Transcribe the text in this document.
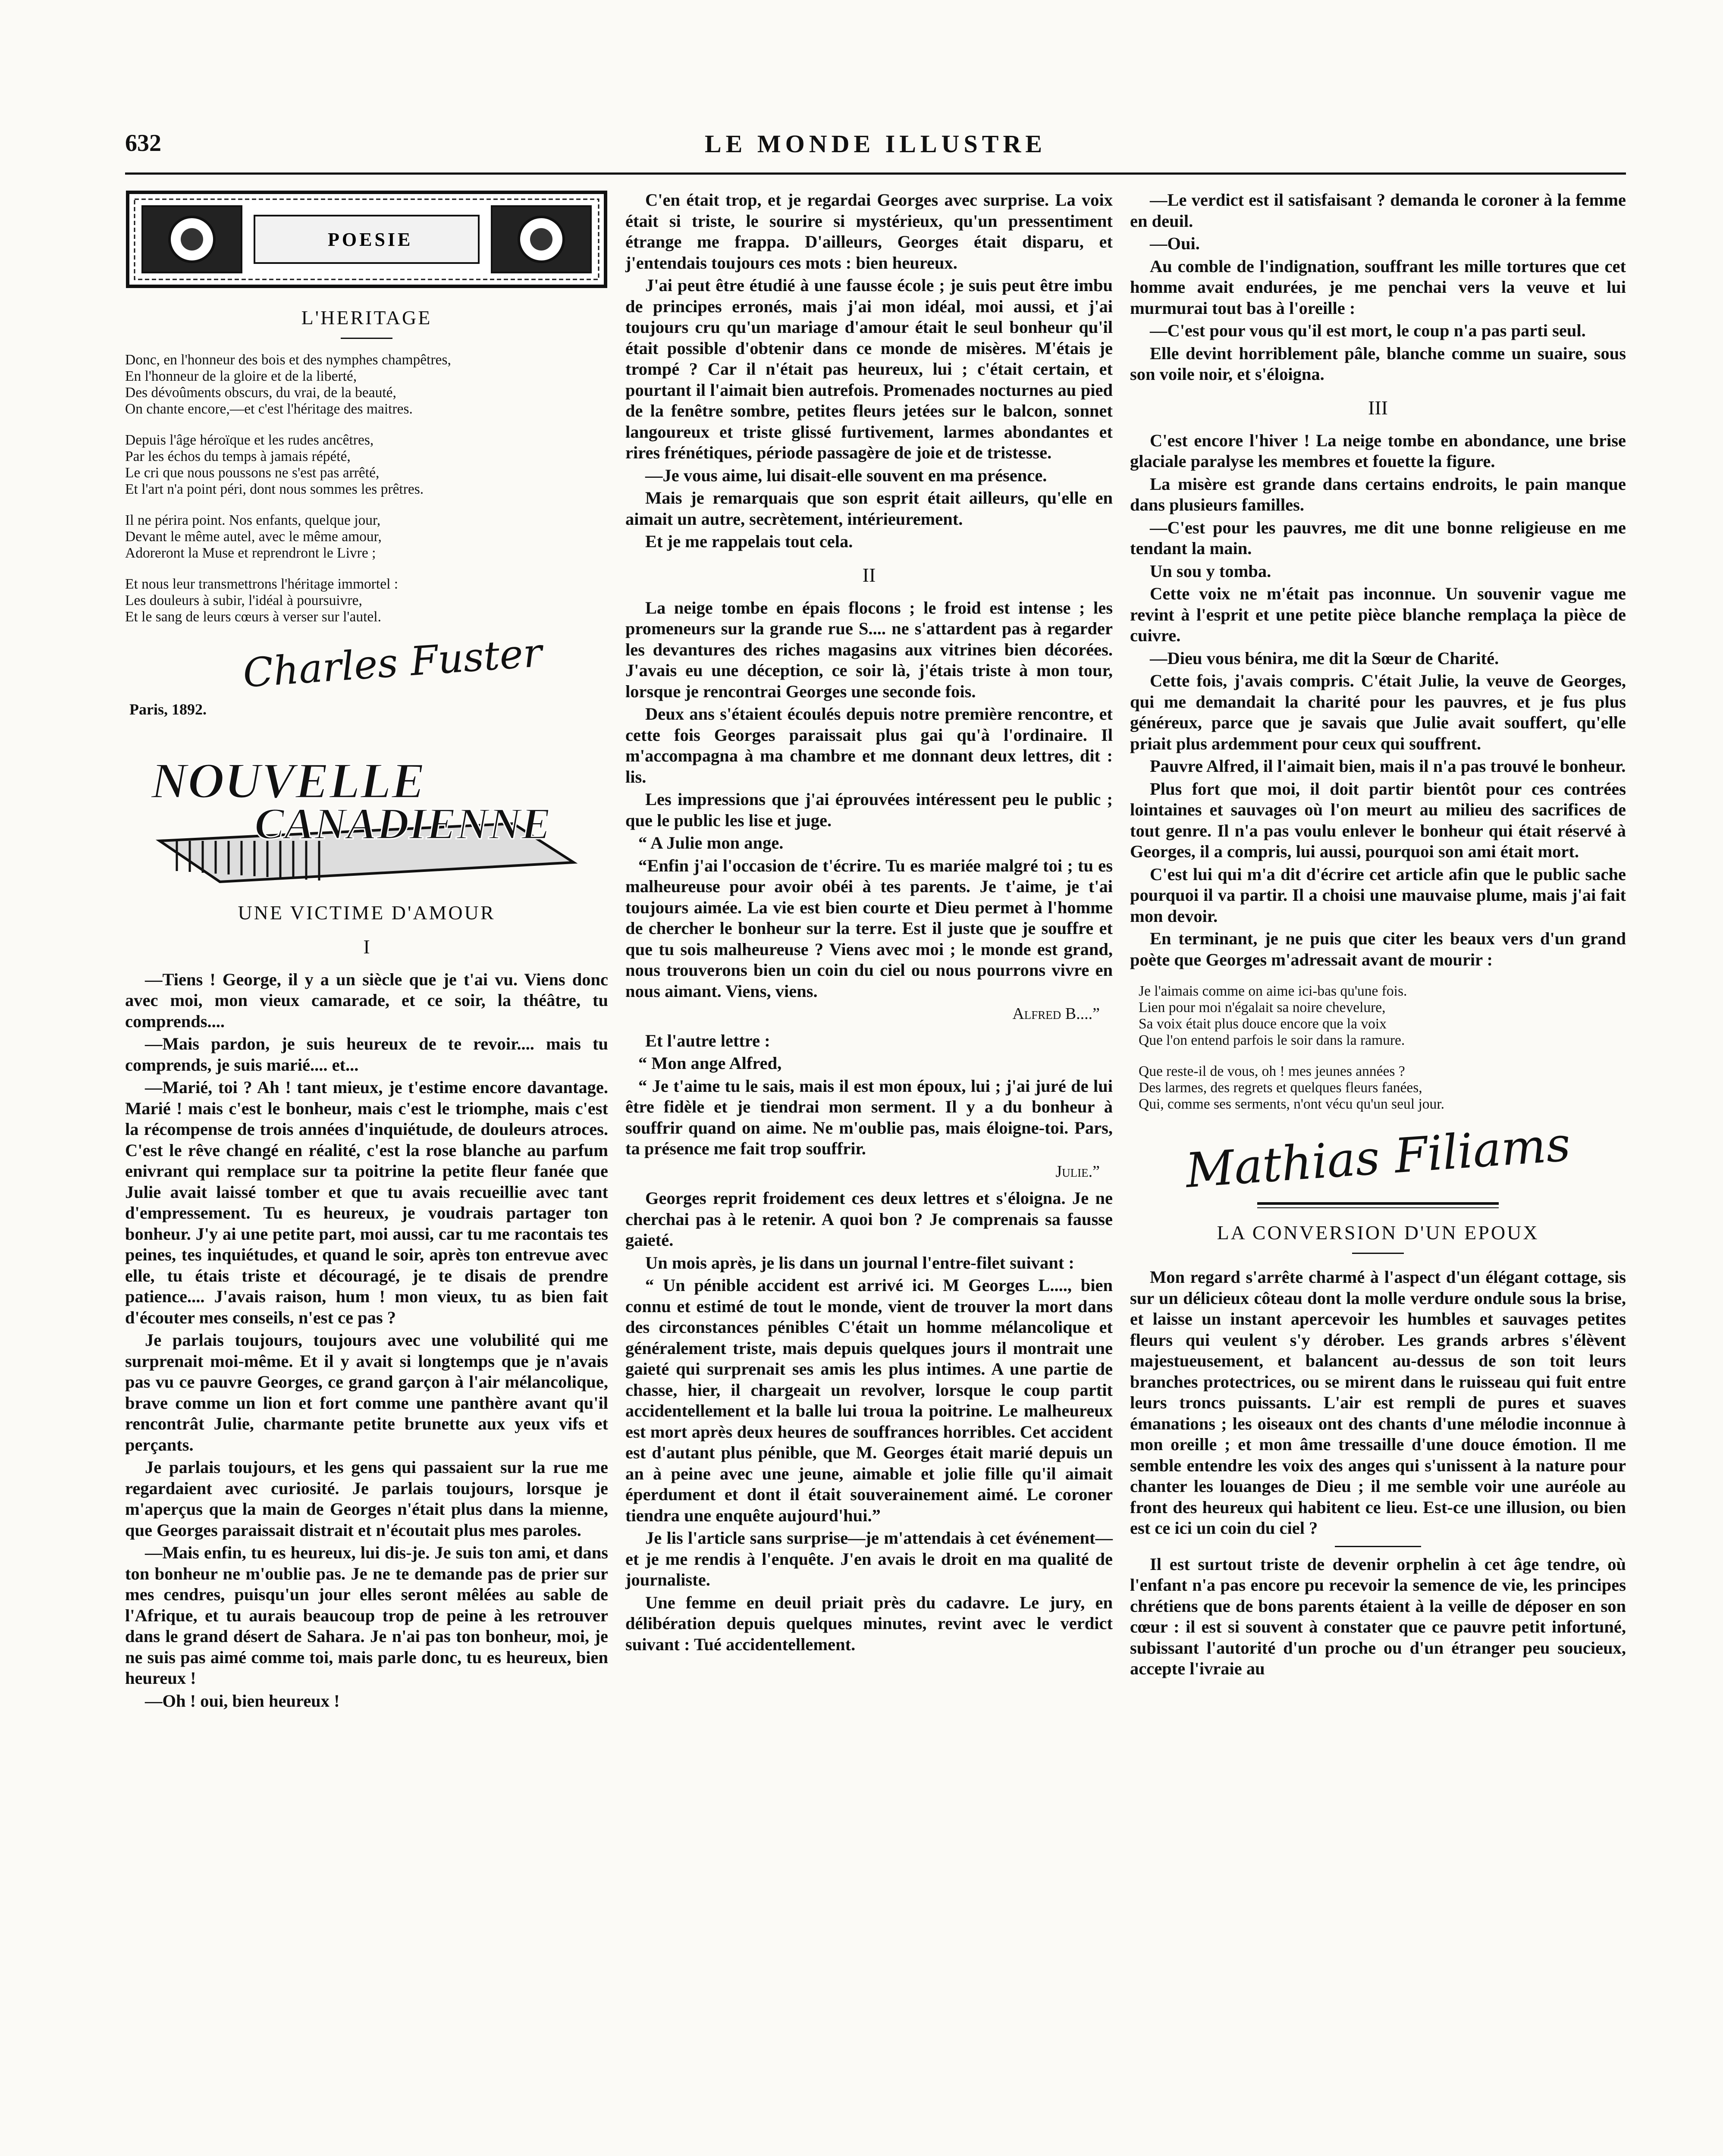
632	LE MONDE ILLUSTRE
POESIE
L'HERITAGE

Donc, en l'honneur des bois et des nymphes champêtres,

En l'honneur de la gloire et de la liberté,

Des dévoûments obscurs, du vrai, de la beauté,

On chante encore,—et c'est l'héritage des maitres.

Depuis l'âge héroïque et les rudes ancêtres,

Par les échos du temps à jamais répété,

Le cri que nous poussons ne s'est pas arrêté,

Et l'art n'a point péri, dont nous sommes les prêtres.

Il ne périra point. Nos enfants, quelque jour,

Devant le même autel, avec le même amour,

Adoreront la Muse et reprendront le Livre ;

Et nous leur transmettrons l'héritage immortel :

Les douleurs à subir, l'idéal à poursuivre,

Et le sang de leurs cœurs à verser sur l'autel.

Charles Fuster

Paris, 1892.

NOUVELLE
CANADIENNE
UNE VICTIME D'AMOUR
I

—Tiens ! George, il y a un siècle que je t'ai vu. Viens donc avec moi, mon vieux camarade, et ce soir, la théâtre, tu comprends....

—Mais pardon, je suis heureux de te revoir.... mais tu comprends, je suis marié.... et...

—Marié, toi ? Ah ! tant mieux, je t'estime encore davantage. Marié ! mais c'est le bonheur, mais c'est le triomphe, mais c'est la récompense de trois années d'inquiétude, de douleurs atroces. C'est le rêve changé en réalité, c'est la rose blanche au parfum enivrant qui remplace sur ta poitrine la petite fleur fanée que Julie avait laissé tomber et que tu avais recueillie avec tant d'empressement. Tu es heureux, je voudrais partager ton bonheur. J'y ai une petite part, moi aussi, car tu me racontais tes peines, tes inquiétudes, et quand le soir, après ton entrevue avec elle, tu étais triste et découragé, je te disais de prendre patience.... J'avais raison, hum ! mon vieux, tu as bien fait d'écouter mes conseils, n'est ce pas ?

Je parlais toujours, toujours avec une volubilité qui me surprenait moi-même. Et il y avait si longtemps que je n'avais pas vu ce pauvre Georges, ce grand garçon à l'air mélancolique, brave comme un lion et fort comme une panthère avant qu'il rencontrât Julie, charmante petite brunette aux yeux vifs et perçants.

Je parlais toujours, et les gens qui passaient sur la rue me regardaient avec curiosité. Je parlais toujours, lorsque je m'aperçus que la main de Georges n'était plus dans la mienne, que Georges paraissait distrait et n'écoutait plus mes paroles.

—Mais enfin, tu es heureux, lui dis-je. Je suis ton ami, et dans ton bonheur ne m'oublie pas. Je ne te demande pas de prier sur mes cendres, puisqu'un jour elles seront mêlées au sable de l'Afrique, et tu aurais beaucoup trop de peine à les retrouver dans le grand désert de Sahara. Je n'ai pas ton bonheur, moi, je ne suis pas aimé comme toi, mais parle donc, tu es heureux, bien heureux !

—Oh ! oui, bien heureux !

C'en était trop, et je regardai Georges avec surprise. La voix était si triste, le sourire si mystérieux, qu'un pressentiment étrange me frappa. D'ailleurs, Georges était disparu, et j'entendais toujours ces mots : bien heureux.

J'ai peut être étudié à une fausse école ; je suis peut être imbu de principes erronés, mais j'ai mon idéal, moi aussi, et j'ai toujours cru qu'un mariage d'amour était le seul bonheur qu'il était possible d'obtenir dans ce monde de misères. M'étais je trompé ? Car il n'était pas heureux, lui ; c'était certain, et pourtant il l'aimait bien autrefois. Promenades nocturnes au pied de la fenêtre sombre, petites fleurs jetées sur le balcon, sonnet langoureux et triste glissé furtivement, larmes abondantes et rires frénétiques, période passagère de joie et de tristesse.

—Je vous aime, lui disait-elle souvent en ma présence.

Mais je remarquais que son esprit était ailleurs, qu'elle en aimait un autre, secrètement, intérieurement.

Et je me rappelais tout cela.

II

La neige tombe en épais flocons ; le froid est intense ; les promeneurs sur la grande rue S.... ne s'attardent pas à regarder les devantures des riches magasins aux vitrines bien décorées. J'avais eu une déception, ce soir là, j'étais triste à mon tour, lorsque je rencontrai Georges une seconde fois.

Deux ans s'étaient écoulés depuis notre première rencontre, et cette fois Georges paraissait plus gai qu'à l'ordinaire. Il m'accompagna à ma chambre et me donnant deux lettres, dit : lis.

Les impressions que j'ai éprouvées intéressent peu le public ; que le public les lise et juge.

“ A Julie mon ange.

“Enfin j'ai l'occasion de t'écrire. Tu es mariée malgré toi ; tu es malheureuse pour avoir obéi à tes parents. Je t'aime, je t'ai toujours aimée. La vie est bien courte et Dieu permet à l'homme de chercher le bonheur sur la terre. Est il juste que je souffre et que tu sois malheureuse ? Viens avec moi ; le monde est grand, nous trouverons bien un coin du ciel ou nous pourrons vivre en nous aimant. Viens, viens.

Alfred B....”

Et l'autre lettre :

“ Mon ange Alfred,

“ Je t'aime tu le sais, mais il est mon époux, lui ; j'ai juré de lui être fidèle et je tiendrai mon serment. Il y a du bonheur à souffrir quand on aime. Ne m'oublie pas, mais éloigne-toi. Pars, ta présence me fait trop souffrir.

Julie.”

Georges reprit froidement ces deux lettres et s'éloigna. Je ne cherchai pas à le retenir. A quoi bon ? Je comprenais sa fausse gaieté.

Un mois après, je lis dans un journal l'entre-filet suivant :

“ Un pénible accident est arrivé ici. M Georges L...., bien connu et estimé de tout le monde, vient de trouver la mort dans des circonstances pénibles C'était un homme mélancolique et généralement triste, mais depuis quelques jours il montrait une gaieté qui surprenait ses amis les plus intimes. A une partie de chasse, hier, il chargeait un revolver, lorsque le coup partit accidentellement et la balle lui troua la poitrine. Le malheureux est mort après deux heures de souffrances horribles. Cet accident est d'autant plus pénible, que M. Georges était marié depuis un an à peine avec une jeune, aimable et jolie fille qu'il aimait éperdument et dont il était souverainement aimé. Le coroner tiendra une enquête aujourd'hui.”

Je lis l'article sans surprise—je m'attendais à cet événement—et je me rendis à l'enquête. J'en avais le droit en ma qualité de journaliste.

Une femme en deuil priait près du cadavre. Le jury, en délibération depuis quelques minutes, revint avec le verdict suivant : Tué accidentellement.

—Le verdict est il satisfaisant ? demanda le coroner à la femme en deuil.

—Oui.

Au comble de l'indignation, souffrant les mille tortures que cet homme avait endurées, je me penchai vers la veuve et lui murmurai tout bas à l'oreille :

—C'est pour vous qu'il est mort, le coup n'a pas parti seul.

Elle devint horriblement pâle, blanche comme un suaire, sous son voile noir, et s'éloigna.

III

C'est encore l'hiver ! La neige tombe en abondance, une brise glaciale paralyse les membres et fouette la figure.

La misère est grande dans certains endroits, le pain manque dans plusieurs familles.

—C'est pour les pauvres, me dit une bonne religieuse en me tendant la main.

Un sou y tomba.

Cette voix ne m'était pas inconnue. Un souvenir vague me revint à l'esprit et une petite pièce blanche remplaça la pièce de cuivre.

—Dieu vous bénira, me dit la Sœur de Charité.

Cette fois, j'avais compris. C'était Julie, la veuve de Georges, qui me demandait la charité pour les pauvres, et je fus plus généreux, parce que je savais que Julie avait souffert, qu'elle priait plus ardemment pour ceux qui souffrent.

Pauvre Alfred, il l'aimait bien, mais il n'a pas trouvé le bonheur.

Plus fort que moi, il doit partir bientôt pour ces contrées lointaines et sauvages où l'on meurt au milieu des sacrifices de tout genre. Il n'a pas voulu enlever le bonheur qui était réservé à Georges, il a compris, lui aussi, pourquoi son ami était mort.

C'est lui qui m'a dit d'écrire cet article afin que le public sache pourquoi il va partir. Il a choisi une mauvaise plume, mais j'ai fait mon devoir.

En terminant, je ne puis que citer les beaux vers d'un grand poète que Georges m'adressait avant de mourir :

Je l'aimais comme on aime ici-bas qu'une fois.

Lien pour moi n'égalait sa noire chevelure,

Sa voix était plus douce encore que la voix

Que l'on entend parfois le soir dans la ramure.

Que reste-il de vous, oh ! mes jeunes années ?

Des larmes, des regrets et quelques fleurs fanées,

Qui, comme ses serments, n'ont vécu qu'un seul jour.

Mathias Filiams
LA CONVERSION D'UN EPOUX

Mon regard s'arrête charmé à l'aspect d'un élégant cottage, sis sur un délicieux côteau dont la molle verdure ondule sous la brise, et laisse un instant apercevoir les humbles et sauvages petites fleurs qui veulent s'y dérober. Les grands arbres s'élèvent majestueusement, et balancent au-dessus de son toit leurs branches protectrices, ou se mirent dans le ruisseau qui fuit entre leurs troncs puissants. L'air est rempli de pures et suaves émanations ; les oiseaux ont des chants d'une mélodie inconnue à mon oreille ; et mon âme tressaille d'une douce émotion. Il me semble entendre les voix des anges qui s'unissent à la nature pour chanter les louanges de Dieu ; il me semble voir une auréole au front des heureux qui habitent ce lieu. Est-ce une illusion, ou bien est ce ici un coin du ciel ?

Il est surtout triste de devenir orphelin à cet âge tendre, où l'enfant n'a pas encore pu recevoir la semence de vie, les principes chrétiens que de bons parents étaient à la veille de déposer en son cœur : il est si souvent à constater que ce pauvre petit infortuné, subissant l'autorité d'un proche ou d'un étranger peu soucieux, accepte l'ivraie au
